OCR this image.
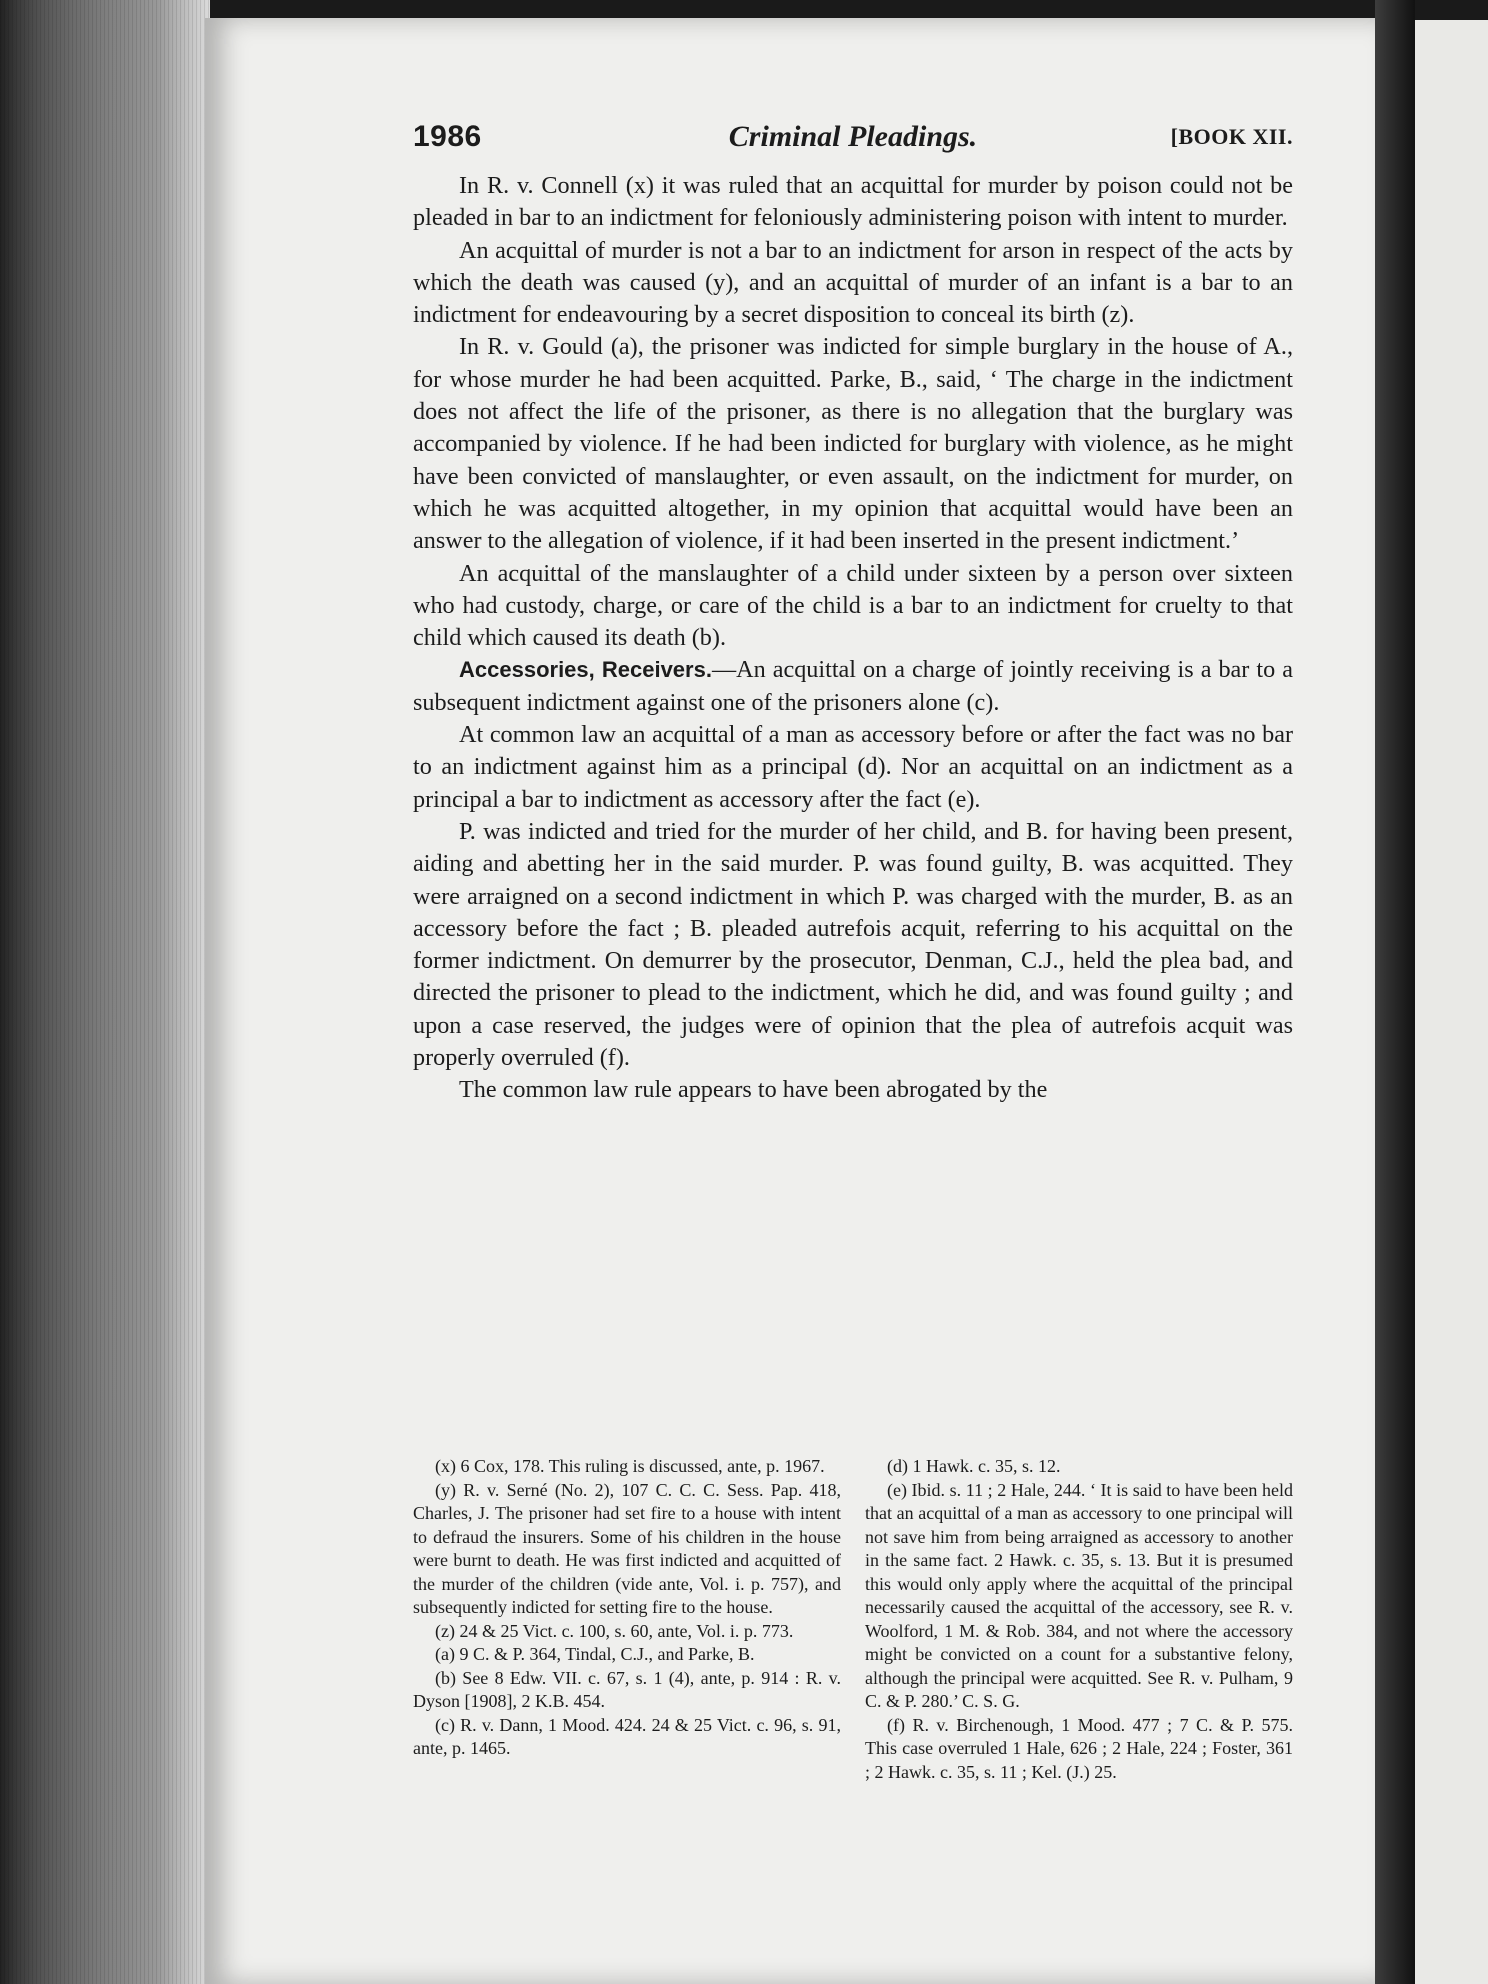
1986	Criminal Pleadings.	[BOOK XII.

In R. v. Connell (x) it was ruled that an acquittal for murder by poison could not be pleaded in bar to an indictment for feloniously administering poison with intent to murder.

An acquittal of murder is not a bar to an indictment for arson in respect of the acts by which the death was caused (y), and an acquittal of murder of an infant is a bar to an indictment for endeavouring by a secret disposition to conceal its birth (z).

In R. v. Gould (a), the prisoner was indicted for simple burglary in the house of A., for whose murder he had been acquitted. Parke, B., said, ‘ The charge in the indictment does not affect the life of the prisoner, as there is no allegation that the burglary was accompanied by violence. If he had been indicted for burglary with violence, as he might have been convicted of manslaughter, or even assault, on the indictment for murder, on which he was acquitted altogether, in my opinion that acquittal would have been an answer to the allegation of violence, if it had been inserted in the present indictment.’

An acquittal of the manslaughter of a child under sixteen by a person over sixteen who had custody, charge, or care of the child is a bar to an indictment for cruelty to that child which caused its death (b).

Accessories, Receivers.—An acquittal on a charge of jointly receiving is a bar to a subsequent indictment against one of the prisoners alone (c).

At common law an acquittal of a man as accessory before or after the fact was no bar to an indictment against him as a principal (d). Nor an acquittal on an indictment as a principal a bar to indictment as accessory after the fact (e).

P. was indicted and tried for the murder of her child, and B. for having been present, aiding and abetting her in the said murder. P. was found guilty, B. was acquitted. They were arraigned on a second indictment in which P. was charged with the murder, B. as an accessory before the fact ; B. pleaded autrefois acquit, referring to his acquittal on the former indictment. On demurrer by the prosecutor, Denman, C.J., held the plea bad, and directed the prisoner to plead to the indictment, which he did, and was found guilty ; and upon a case reserved, the judges were of opinion that the plea of autrefois acquit was properly overruled (f).

The common law rule appears to have been abrogated by the

(x) 6 Cox, 178. This ruling is discussed, ante, p. 1967.

(y) R. v. Serné (No. 2), 107 C. C. C. Sess. Pap. 418, Charles, J. The prisoner had set fire to a house with intent to defraud the insurers. Some of his children in the house were burnt to death. He was first indicted and acquitted of the murder of the children (vide ante, Vol. i. p. 757), and subsequently indicted for setting fire to the house.

(z) 24 & 25 Vict. c. 100, s. 60, ante, Vol. i. p. 773.

(a) 9 C. & P. 364, Tindal, C.J., and Parke, B.

(b) See 8 Edw. VII. c. 67, s. 1 (4), ante, p. 914 : R. v. Dyson [1908], 2 K.B. 454.

(c) R. v. Dann, 1 Mood. 424. 24 & 25 Vict. c. 96, s. 91, ante, p. 1465.

(d) 1 Hawk. c. 35, s. 12.

(e) Ibid. s. 11 ; 2 Hale, 244. ‘ It is said to have been held that an acquittal of a man as accessory to one principal will not save him from being arraigned as accessory to another in the same fact. 2 Hawk. c. 35, s. 13. But it is presumed this would only apply where the acquittal of the principal necessarily caused the acquittal of the accessory, see R. v. Woolford, 1 M. & Rob. 384, and not where the accessory might be convicted on a count for a substantive felony, although the principal were acquitted. See R. v. Pulham, 9 C. & P. 280.’ C. S. G.

(f) R. v. Birchenough, 1 Mood. 477 ; 7 C. & P. 575. This case overruled 1 Hale, 626 ; 2 Hale, 224 ; Foster, 361 ; 2 Hawk. c. 35, s. 11 ; Kel. (J.) 25.
